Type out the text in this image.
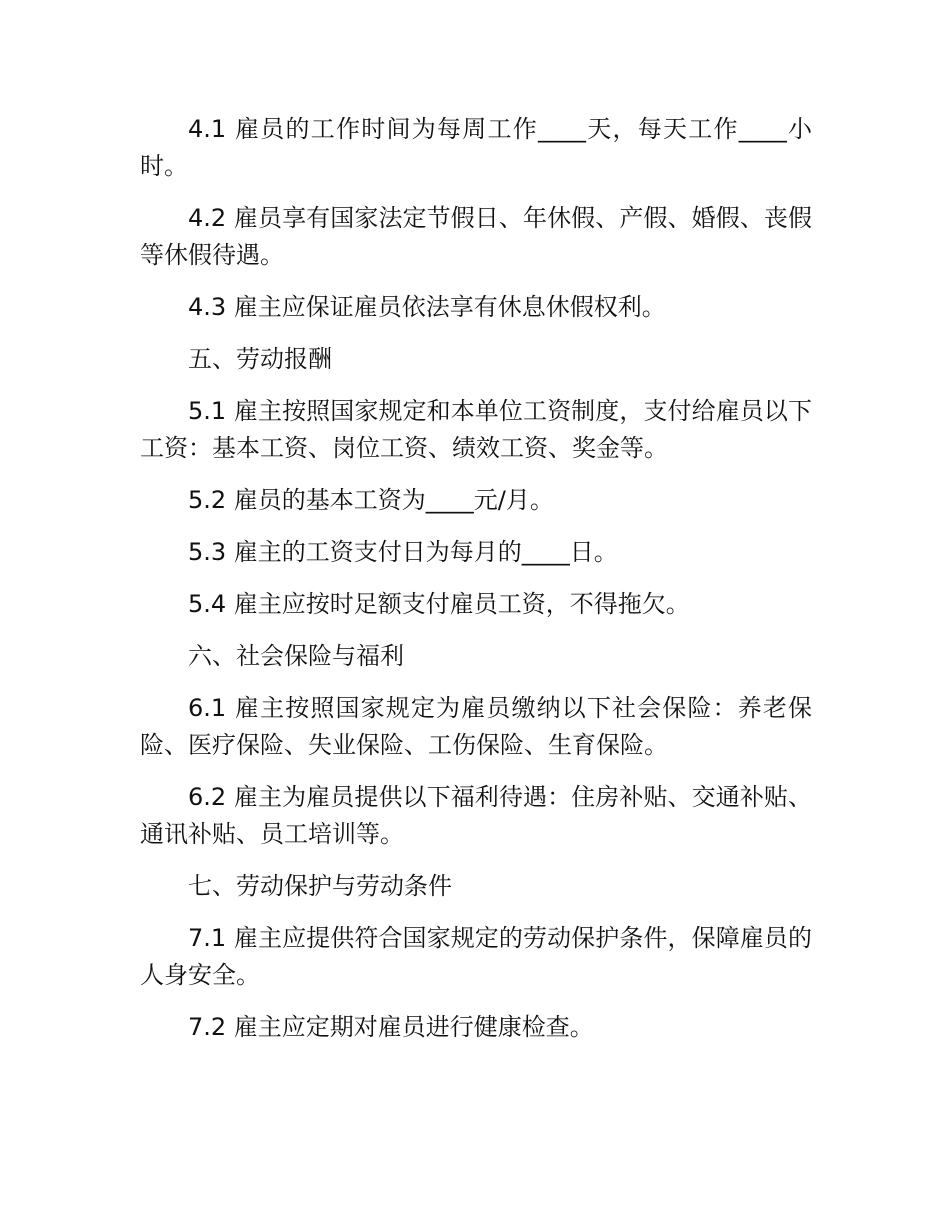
4.1 雇员的工作时间为每周工作____天，每天工作____小时。

4.2 雇员享有国家法定节假日、年休假、产假、婚假、丧假等休假待遇。

4.3 雇主应保证雇员依法享有休息休假权利。

五、劳动报酬

5.1 雇主按照国家规定和本单位工资制度，支付给雇员以下工资：基本工资、岗位工资、绩效工资、奖金等。

5.2 雇员的基本工资为____元/月。

5.3 雇主的工资支付日为每月的____日。

5.4 雇主应按时足额支付雇员工资，不得拖欠。

六、社会保险与福利

6.1 雇主按照国家规定为雇员缴纳以下社会保险：养老保险、医疗保险、失业保险、工伤保险、生育保险。

6.2 雇主为雇员提供以下福利待遇：住房补贴、交通补贴、通讯补贴、员工培训等。

七、劳动保护与劳动条件

7.1 雇主应提供符合国家规定的劳动保护条件，保障雇员的人身安全。

7.2 雇主应定期对雇员进行健康检查。
